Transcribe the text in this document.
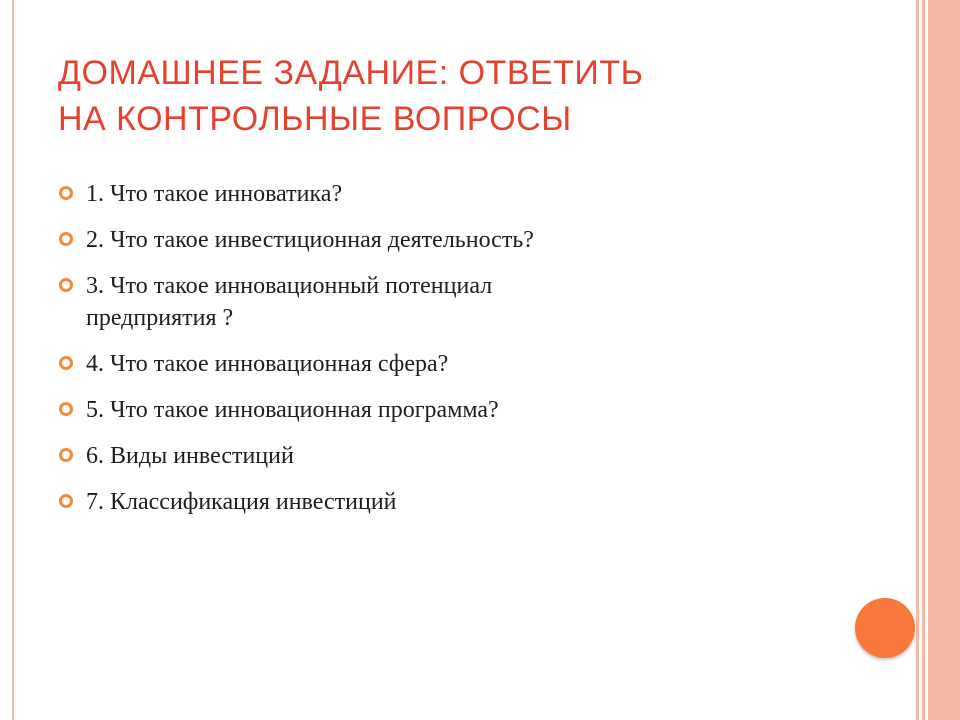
ДОМАШНЕЕ ЗАДАНИЕ: ОТВЕТИТЬ
НА КОНТРОЛЬНЫЕ ВОПРОСЫ
1. Что такое инноватика?
2. Что такое инвестиционная деятельность?
3. Что такое инновационный потенциал
предприятия ?
4. Что такое инновационная сфера?
5. Что такое инновационная программа?
6. Виды инвестиций
7. Классификация инвестиций
